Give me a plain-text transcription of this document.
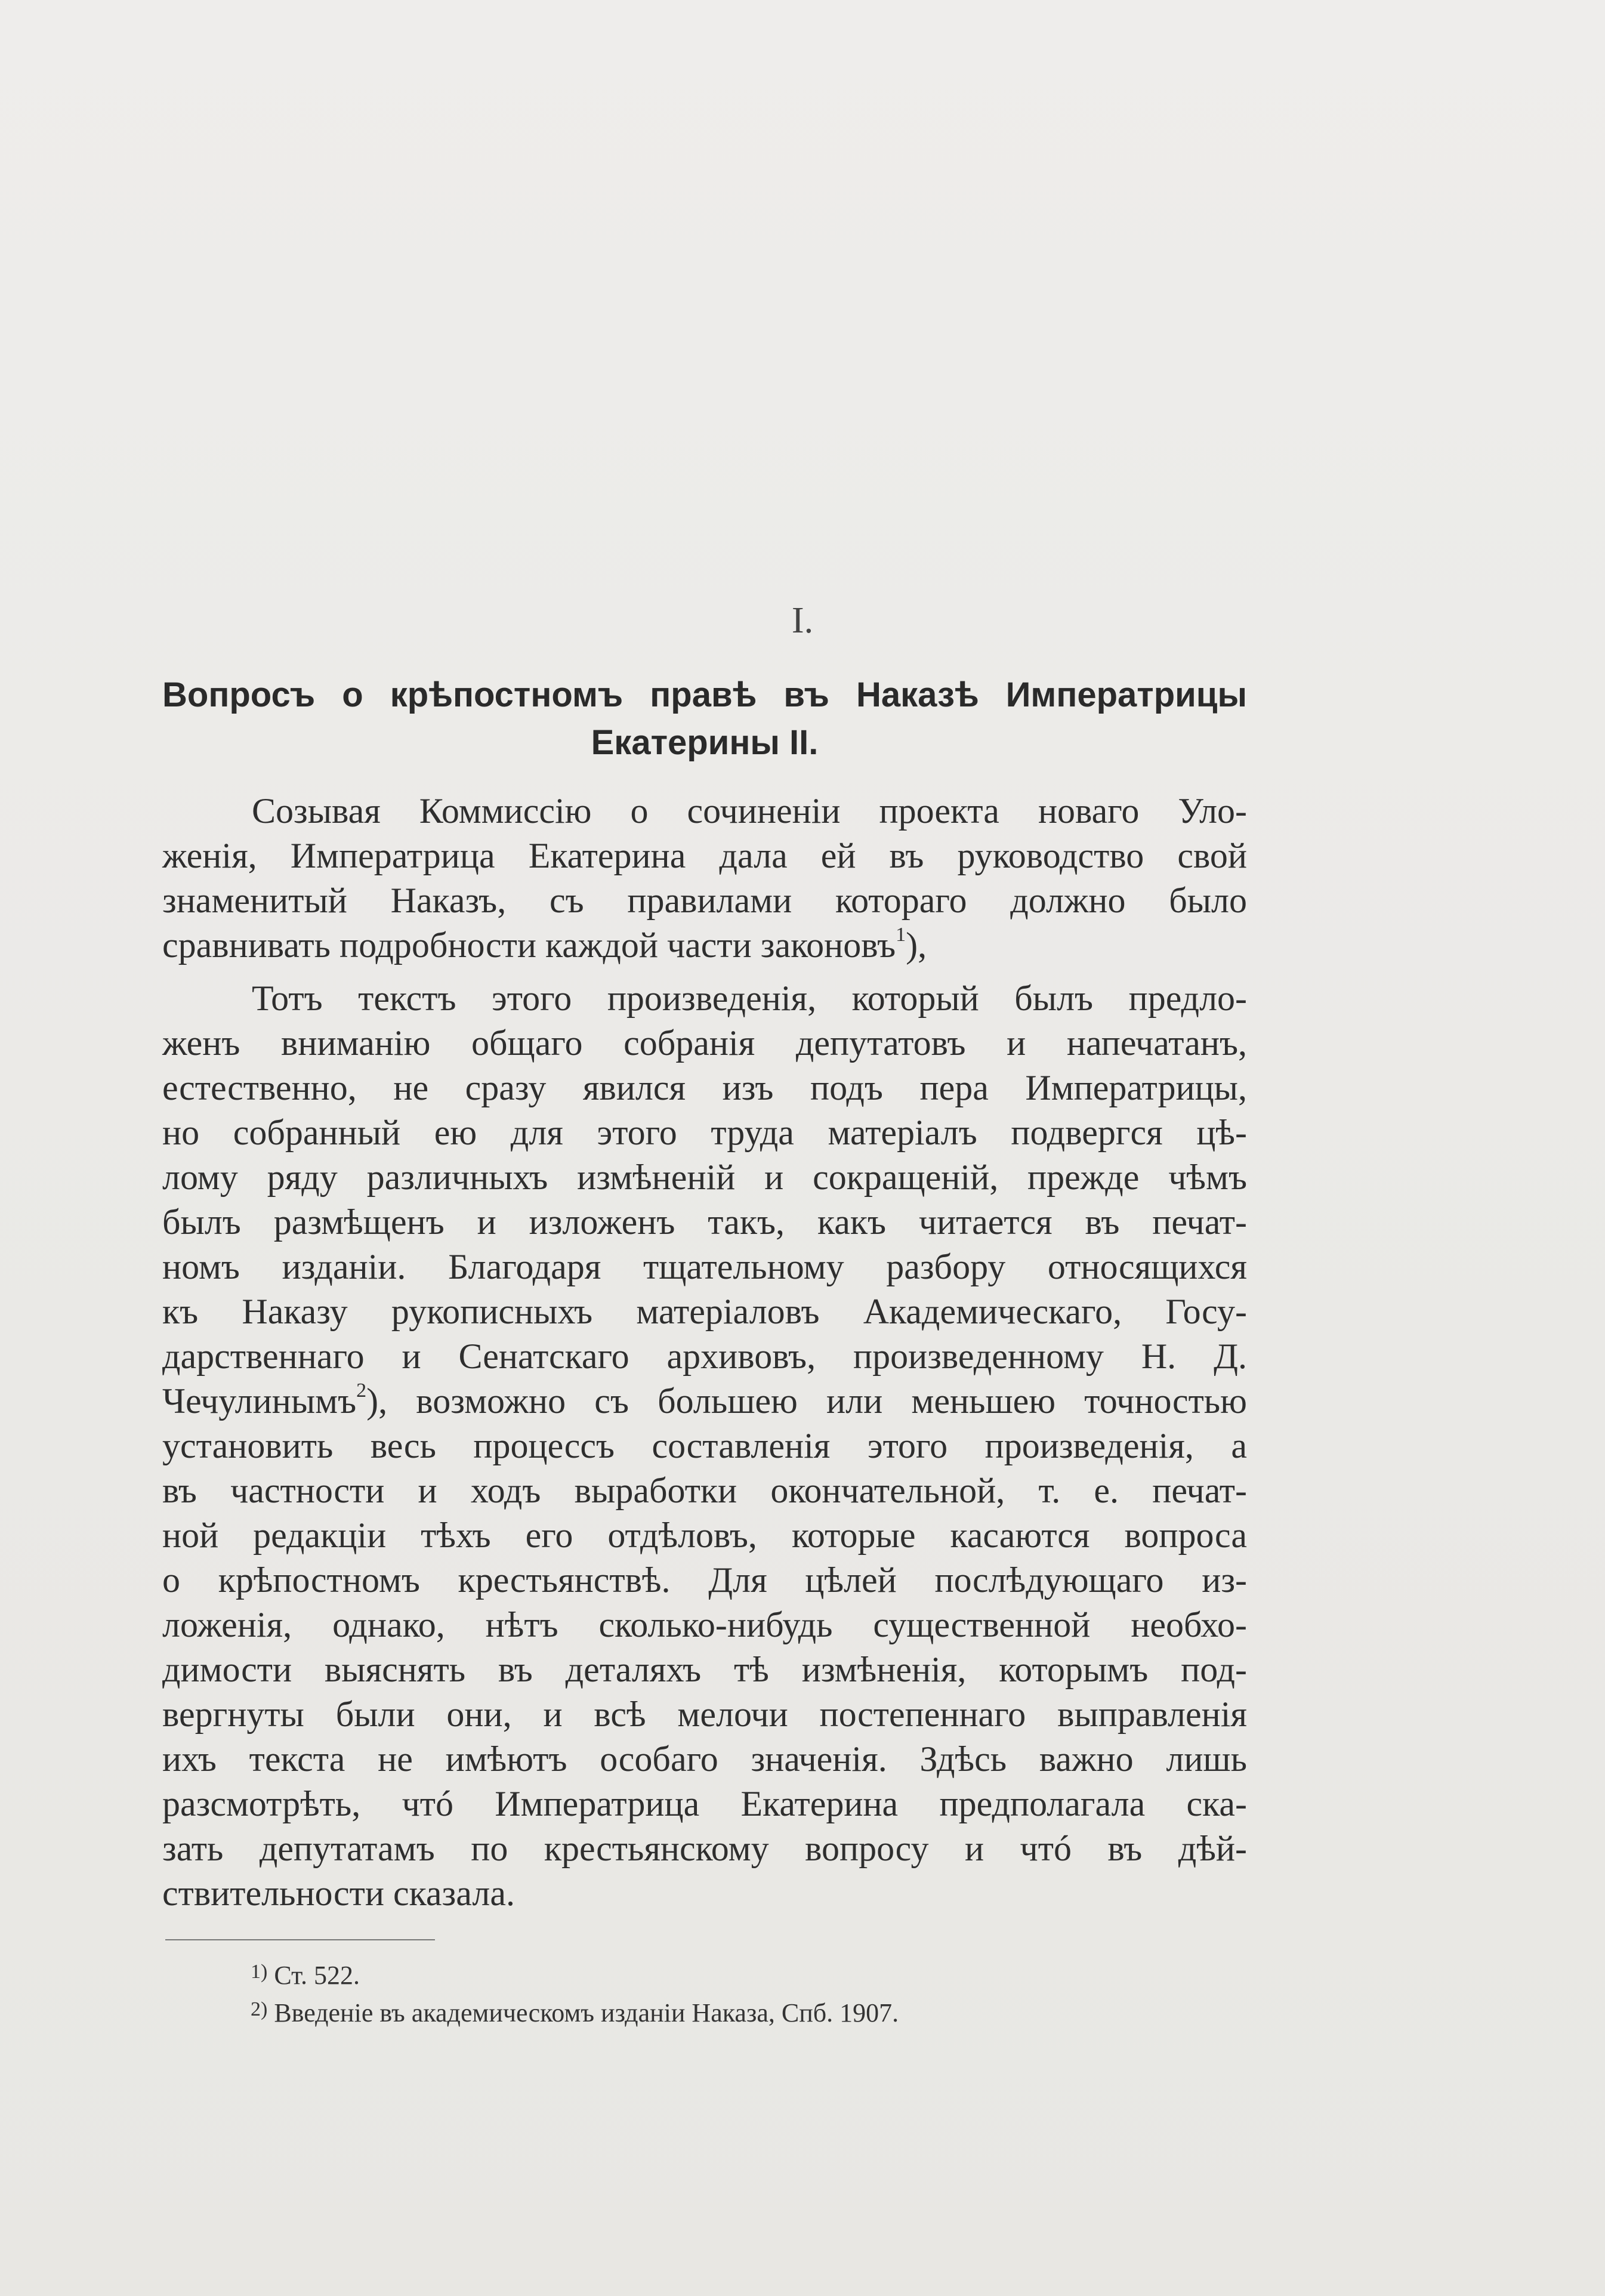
I.
Вопросъ о крѣпостномъ правѣ въ Наказѣ Императрицы
Екатерины II.
Созывая Коммиссію о сочиненіи проекта новаго Уло-
женія, Императрица Екатерина дала ей въ руководство свой
знаменитый Наказъ, съ правилами котораго должно было
сравнивать подробности каждой части законовъ$^1$),
Тотъ текстъ этого произведенія, который былъ предло-
женъ вниманію общаго собранія депутатовъ и напечатанъ,
естественно, не сразу явился изъ подъ пера Императрицы,
но собранный ею для этого труда матеріалъ подвергся цѣ-
лому ряду различныхъ измѣненій и сокращеній, прежде чѣмъ
былъ размѣщенъ и изложенъ такъ, какъ читается въ печат-
номъ изданіи. Благодаря тщательному разбору относящихся
къ Наказу рукописныхъ матеріаловъ Академическаго, Госу-
дарственнаго и Сенатскаго архивовъ, произведенному Н. Д.
Чечулинымъ$^2$), возможно съ большею или меньшею точностью
установить весь процессъ составленія этого произведенія, а
въ частности и ходъ выработки окончательной, т. е. печат-
ной редакціи тѣхъ его отдѣловъ, которые касаются вопроса
о крѣпостномъ крестьянствѣ. Для цѣлей послѣдующаго из-
ложенія, однако, нѣтъ сколько-нибудь существенной необхо-
димости выяснять въ деталяхъ тѣ измѣненія, которымъ под-
вергнуты были они, и всѣ мелочи постепеннаго выправленія
ихъ текста не имѣютъ особаго значенія. Здѣсь важно лишь
разсмотрѣть, чтó Императрица Екатерина предполагала ска-
зать депутатамъ по крестьянскому вопросу и чтó въ дѣй-
ствительности сказала.
$^{1)}$ Ст. 522.
$^{2)}$ Введеніе въ академическомъ изданіи Наказа, Спб. 1907.
